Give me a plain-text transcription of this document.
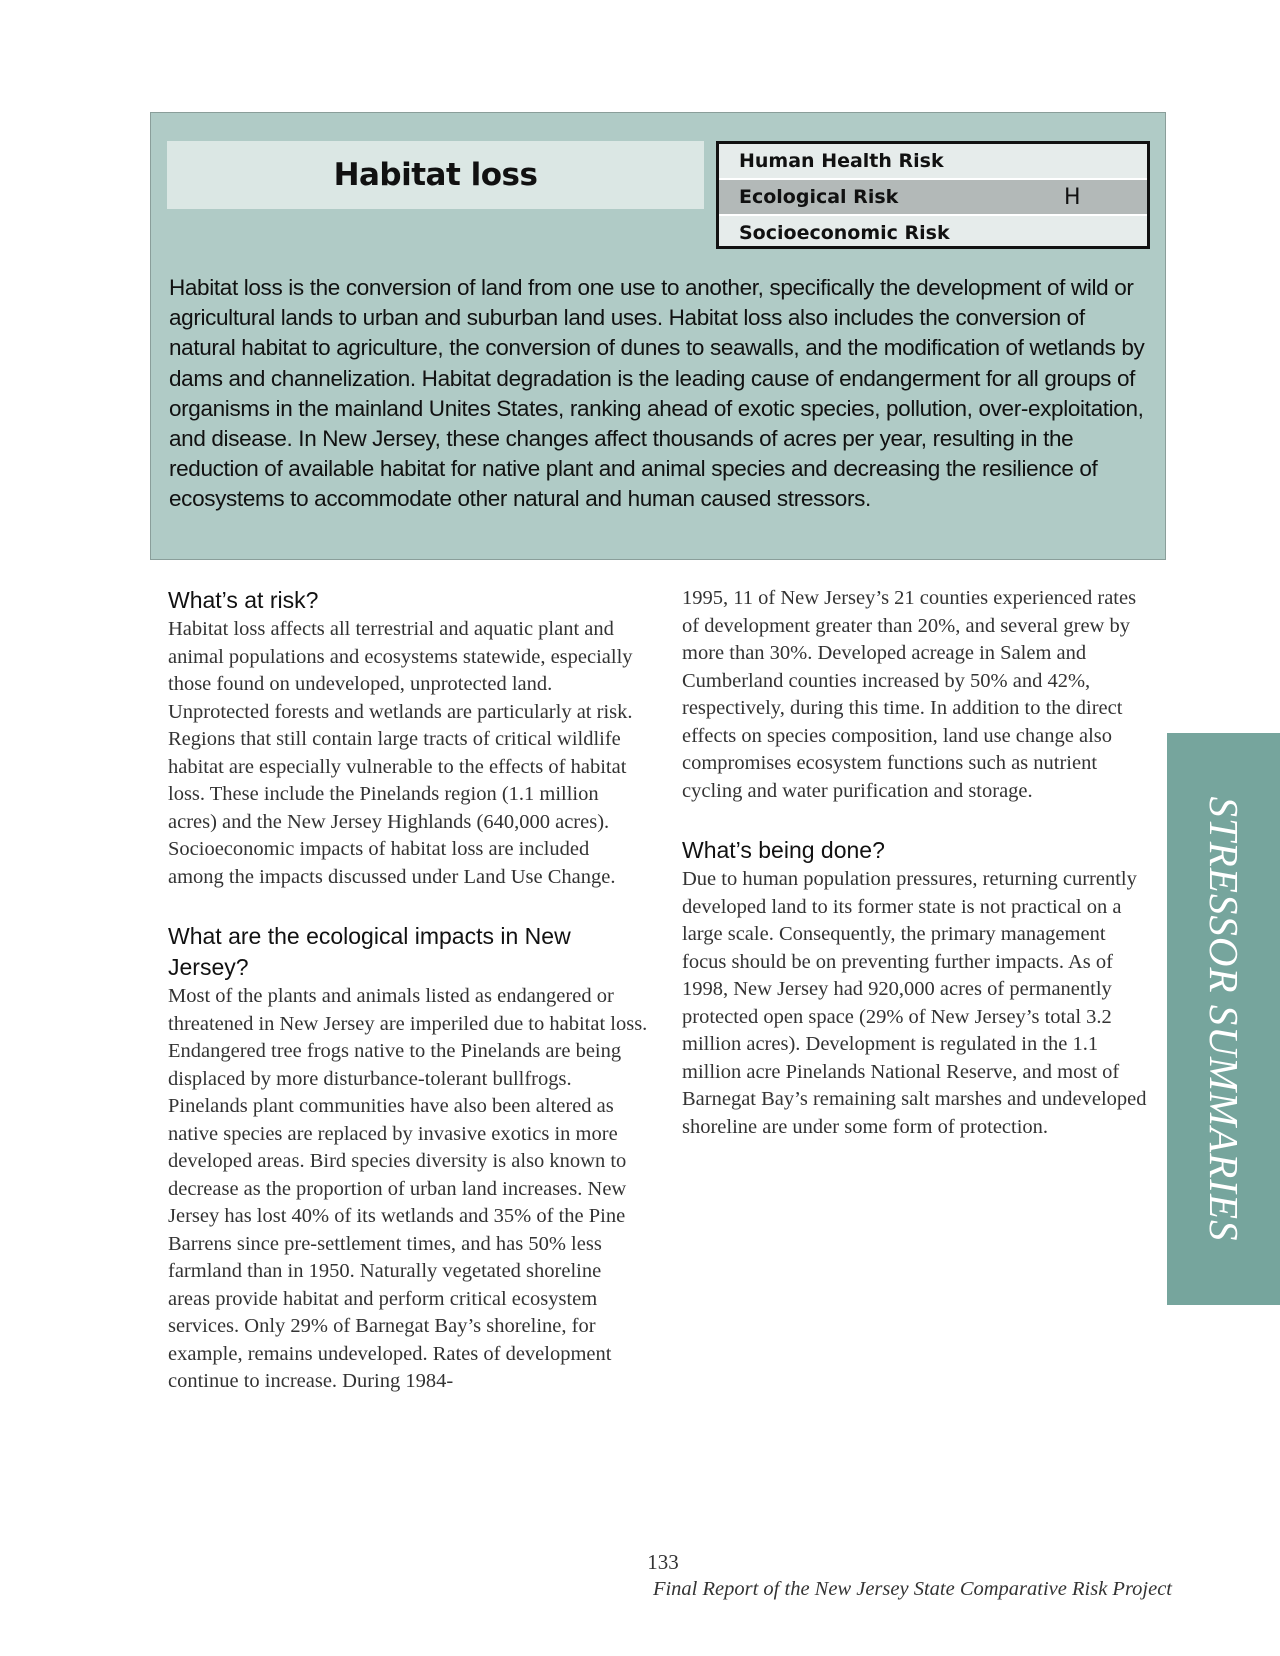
Habitat loss	Human Health Risk
Ecological Risk	H
Socioeconomic Risk

Habitat loss is the conversion of land from one use to another, specifically the development of wild or agricultural lands to urban and suburban land uses. Habitat loss also includes the conversion of natural habitat to agriculture, the conversion of dunes to seawalls, and the modification of wetlands by dams and channelization. Habitat degradation is the leading cause of endangerment for all groups of organisms in the mainland Unites States, ranking ahead of exotic species, pollution, over-exploitation, and disease. In New Jersey, these changes affect thousands of acres per year, resulting in the reduction of available habitat for native plant and animal species and decreasing the resilience of ecosystems to accommodate other natural and human caused stressors.

What’s at risk?

Habitat loss affects all terrestrial and aquatic plant and animal populations and ecosystems statewide, especially those found on undeveloped, unprotected land. Unprotected forests and wetlands are particularly at risk. Regions that still contain large tracts of critical wildlife habitat are especially vulnerable to the effects of habitat loss. These include the Pinelands region (1.1 million acres) and the New Jersey Highlands (640,000 acres). Socioeconomic impacts of habitat loss are included among the impacts discussed under Land Use Change.

What are the ecological impacts in New Jersey?

Most of the plants and animals listed as endangered or threatened in New Jersey are imperiled due to habitat loss. Endangered tree frogs native to the Pinelands are being displaced by more disturbance-tolerant bullfrogs. Pinelands plant communities have also been altered as native species are replaced by invasive exotics in more developed areas. Bird species diversity is also known to decrease as the proportion of urban land increases. New Jersey has lost 40% of its wetlands and 35% of the Pine Barrens since pre-settlement times, and has 50% less farmland than in 1950. Naturally vegetated shoreline areas provide habitat and perform critical ecosystem services. Only 29% of Barnegat Bay’s shoreline, for example, remains undeveloped. Rates of development continue to increase. During 1984-

1995, 11 of New Jersey’s 21 counties experienced rates of development greater than 20%, and several grew by more than 30%. Developed acreage in Salem and Cumberland counties increased by 50% and 42%, respectively, during this time. In addition to the direct effects on species composition, land use change also compromises ecosystem functions such as nutrient cycling and water purification and storage.

What’s being done?

Due to human population pressures, returning currently developed land to its former state is not practical on a large scale. Consequently, the primary management focus should be on preventing further impacts. As of 1998, New Jersey had 920,000 acres of permanently protected open space (29% of New Jersey’s total 3.2 million acres). Development is regulated in the 1.1 million acre Pinelands National Reserve, and most of Barnegat Bay’s remaining salt marshes and undeveloped shoreline are under some form of protection.	STRESSOR SUMMARIES
133
Final Report of the New Jersey State Comparative Risk Project
